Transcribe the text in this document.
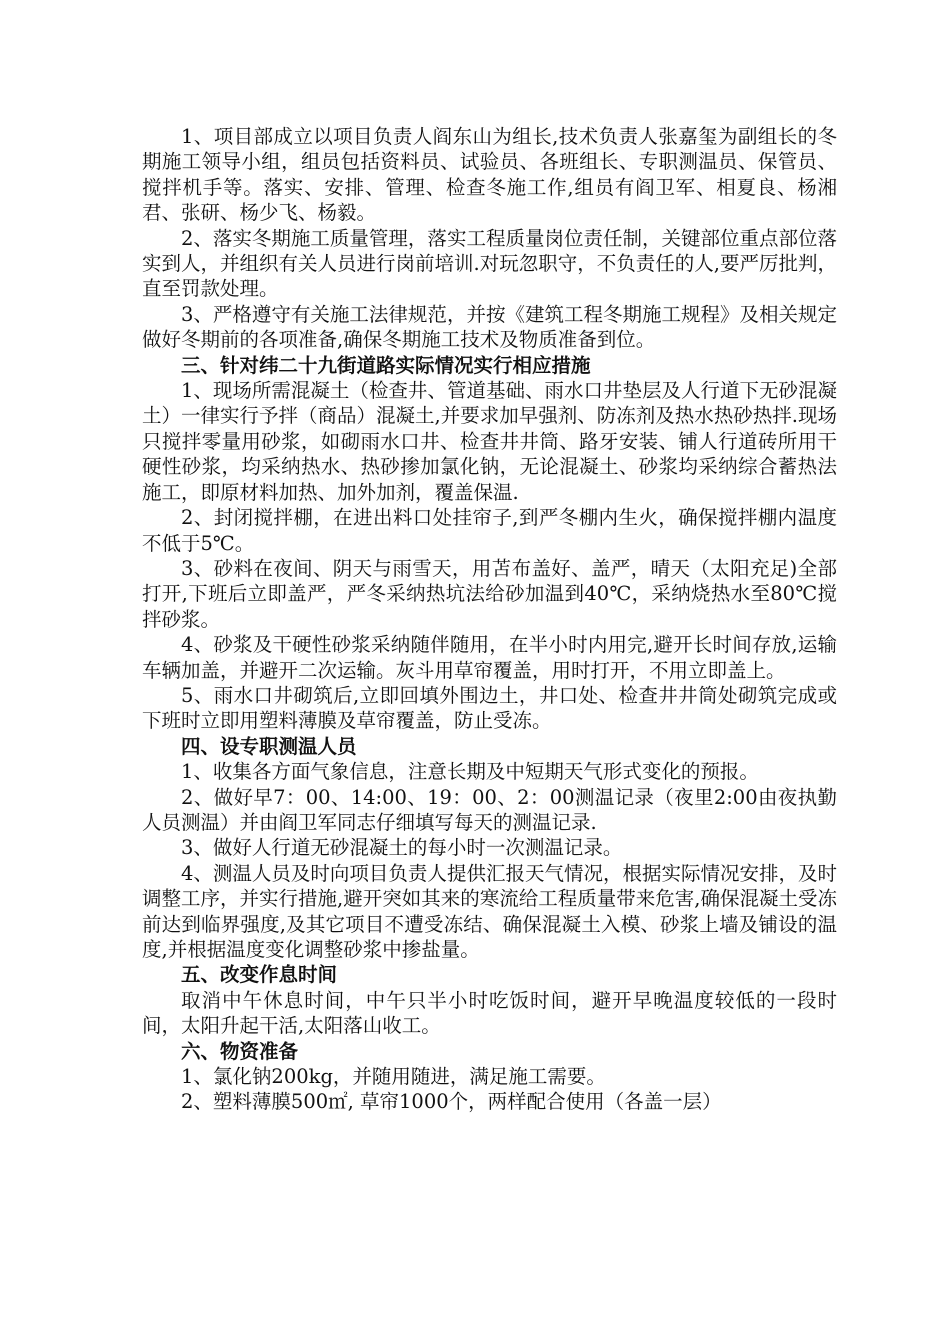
1、项目部成立以项目负责人阎东山为组长,技术负责人张嘉玺为副组长的冬期施工领导小组，组员包括资料员、试验员、各班组长、专职测温员、保管员、 搅拌机手等。落实、安排、管理、检查冬施工作,组员有阎卫军、相夏良、杨湘君、张研、杨少飞、杨毅。

2、落实冬期施工质量管理，落实工程质量岗位责任制，关键部位重点部位落实到人，并组织有关人员进行岗前培训.对玩忽职守，不负责任的人,要严厉批判，直至罚款处理。

3、严格遵守有关施工法律规范，并按《建筑工程冬期施工规程》及相关规定做好冬期前的各项准备,确保冬期施工技术及物质准备到位。

三、针对纬二十九街道路实际情况实行相应措施

1、现场所需混凝土（检查井、管道基础、雨水口井垫层及人行道下无砂混凝土）一律实行予拌（商品）混凝土,并要求加早强剂、防冻剂及热水热砂热拌.现场只搅拌零量用砂浆，如砌雨水口井、检查井井筒、路牙安装、铺人行道砖所用干硬性砂浆，均采纳热水、热砂掺加氯化钠，无论混凝土、砂浆均采纳综合蓄热法施工，即原材料加热、加外加剂，覆盖保温.

2、封闭搅拌棚，在进出料口处挂帘子,到严冬棚内生火，确保搅拌棚内温度不低于5℃。

3、砂料在夜间、阴天与雨雪天，用苫布盖好、盖严，晴天（太阳充足)全部打开,下班后立即盖严，严冬采纳热坑法给砂加温到40℃，采纳烧热水至80℃搅拌砂浆。

4、砂浆及干硬性砂浆采纳随伴随用，在半小时内用完,避开长时间存放,运输车辆加盖，并避开二次运输。灰斗用草帘覆盖，用时打开，不用立即盖上。

5、雨水口井砌筑后,立即回填外围边土，井口处、检查井井筒处砌筑完成或下班时立即用塑料薄膜及草帘覆盖，防止受冻。

四、设专职测温人员

1、收集各方面气象信息，注意长期及中短期天气形式变化的预报。

2、做好早7：00、14:00、19：00、2：00测温记录（夜里2:00由夜执勤人员测温）并由阎卫军同志仔细填写每天的测温记录.

3、做好人行道无砂混凝土的每小时一次测温记录。

4、测温人员及时向项目负责人提供汇报天气情况，根据实际情况安排，及时调整工序，并实行措施,避开突如其来的寒流给工程质量带来危害,确保混凝土受冻前达到临界强度,及其它项目不遭受冻结、确保混凝土入模、砂浆上墙及铺设的温度,并根据温度变化调整砂浆中掺盐量。

五、改变作息时间

取消中午休息时间，中午只半小时吃饭时间，避开早晚温度较低的一段时间，太阳升起干活,太阳落山收工。

六、物资准备

1、氯化钠200kg，并随用随进，满足施工需要。

2、塑料薄膜500㎡, 草帘1000个，两样配合使用（各盖一层）
